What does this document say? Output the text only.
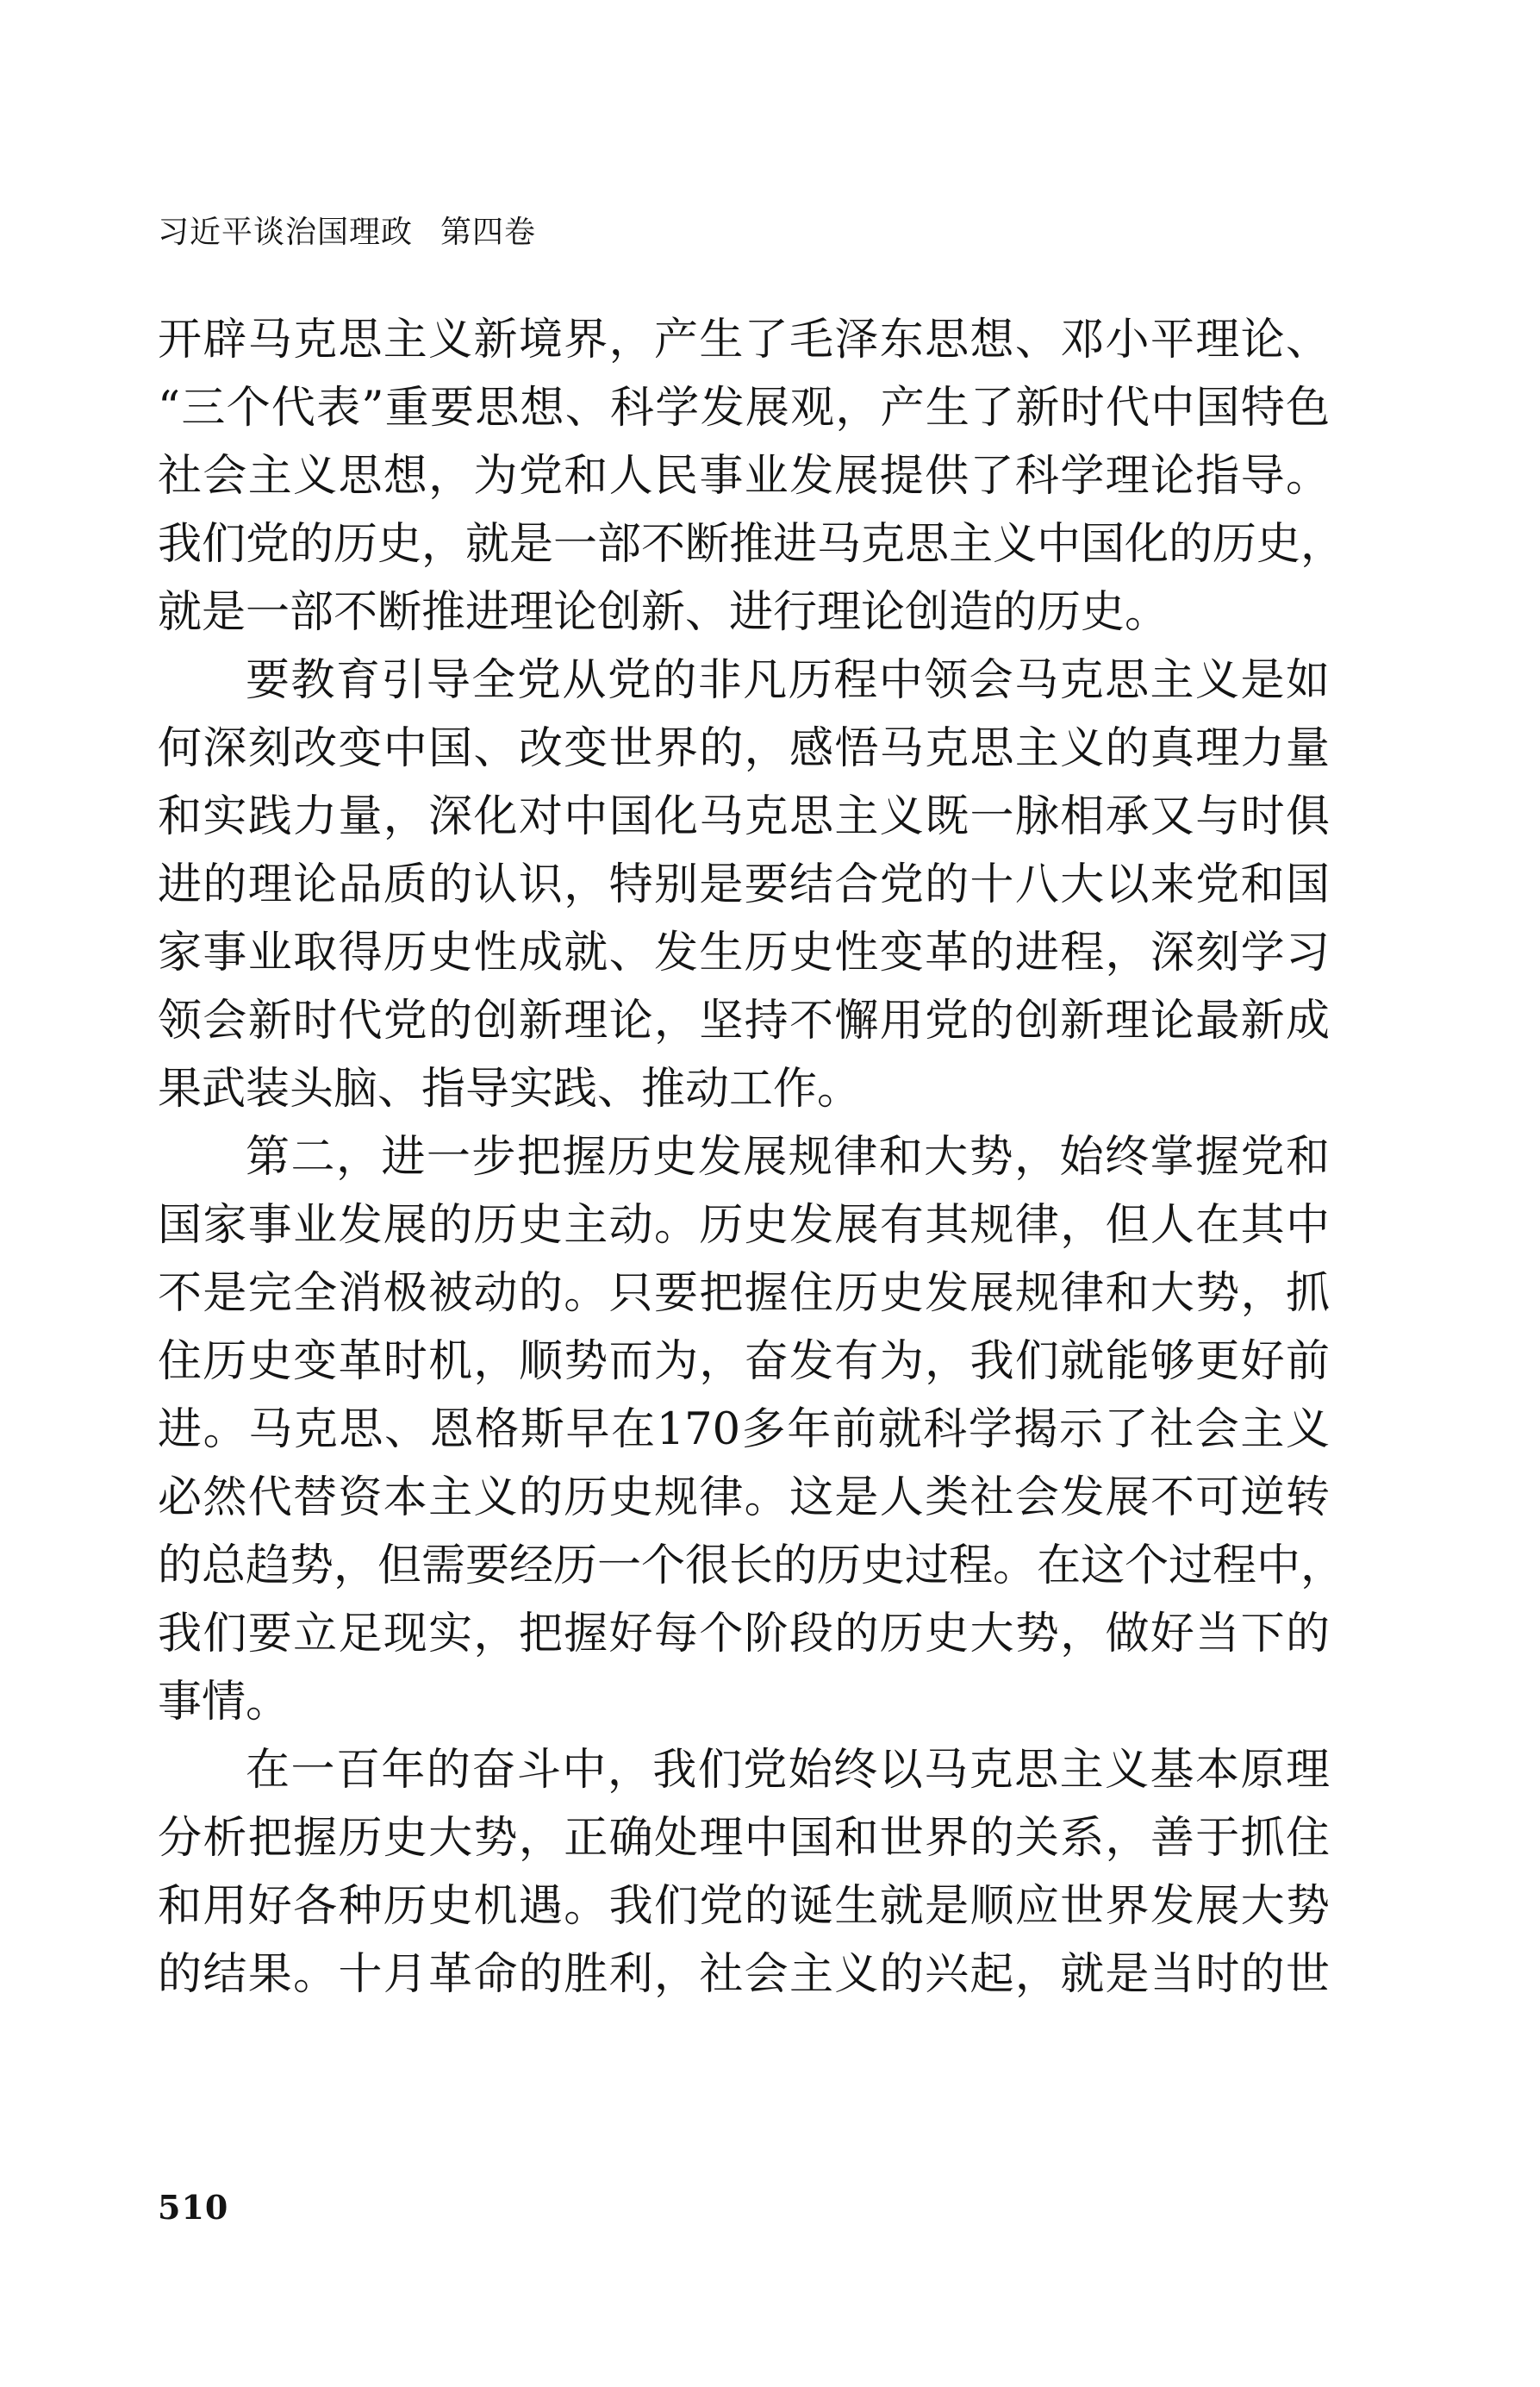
习近平谈治国理政 第四卷
开辟马克思主义新境界，产生了毛泽东思想、邓小平理论、
“三个代表”重要思想、科学发展观，产生了新时代中国特色
社会主义思想，为党和人民事业发展提供了科学理论指导。
我们党的历史，就是一部不断推进马克思主义中国化的历史，
就是一部不断推进理论创新、进行理论创造的历史。
要教育引导全党从党的非凡历程中领会马克思主义是如
何深刻改变中国、改变世界的，感悟马克思主义的真理力量
和实践力量，深化对中国化马克思主义既一脉相承又与时俱
进的理论品质的认识，特别是要结合党的十八大以来党和国
家事业取得历史性成就、发生历史性变革的进程，深刻学习
领会新时代党的创新理论，坚持不懈用党的创新理论最新成
果武装头脑、指导实践、推动工作。
第二，进一步把握历史发展规律和大势，始终掌握党和
国家事业发展的历史主动。历史发展有其规律，但人在其中
不是完全消极被动的。只要把握住历史发展规律和大势，抓
住历史变革时机，顺势而为，奋发有为，我们就能够更好前
进。马克思、恩格斯早在170多年前就科学揭示了社会主义
必然代替资本主义的历史规律。这是人类社会发展不可逆转
的总趋势，但需要经历一个很长的历史过程。在这个过程中，
我们要立足现实，把握好每个阶段的历史大势，做好当下的
事情。
在一百年的奋斗中，我们党始终以马克思主义基本原理
分析把握历史大势，正确处理中国和世界的关系，善于抓住
和用好各种历史机遇。我们党的诞生就是顺应世界发展大势
的结果。十月革命的胜利，社会主义的兴起，就是当时的世
510
